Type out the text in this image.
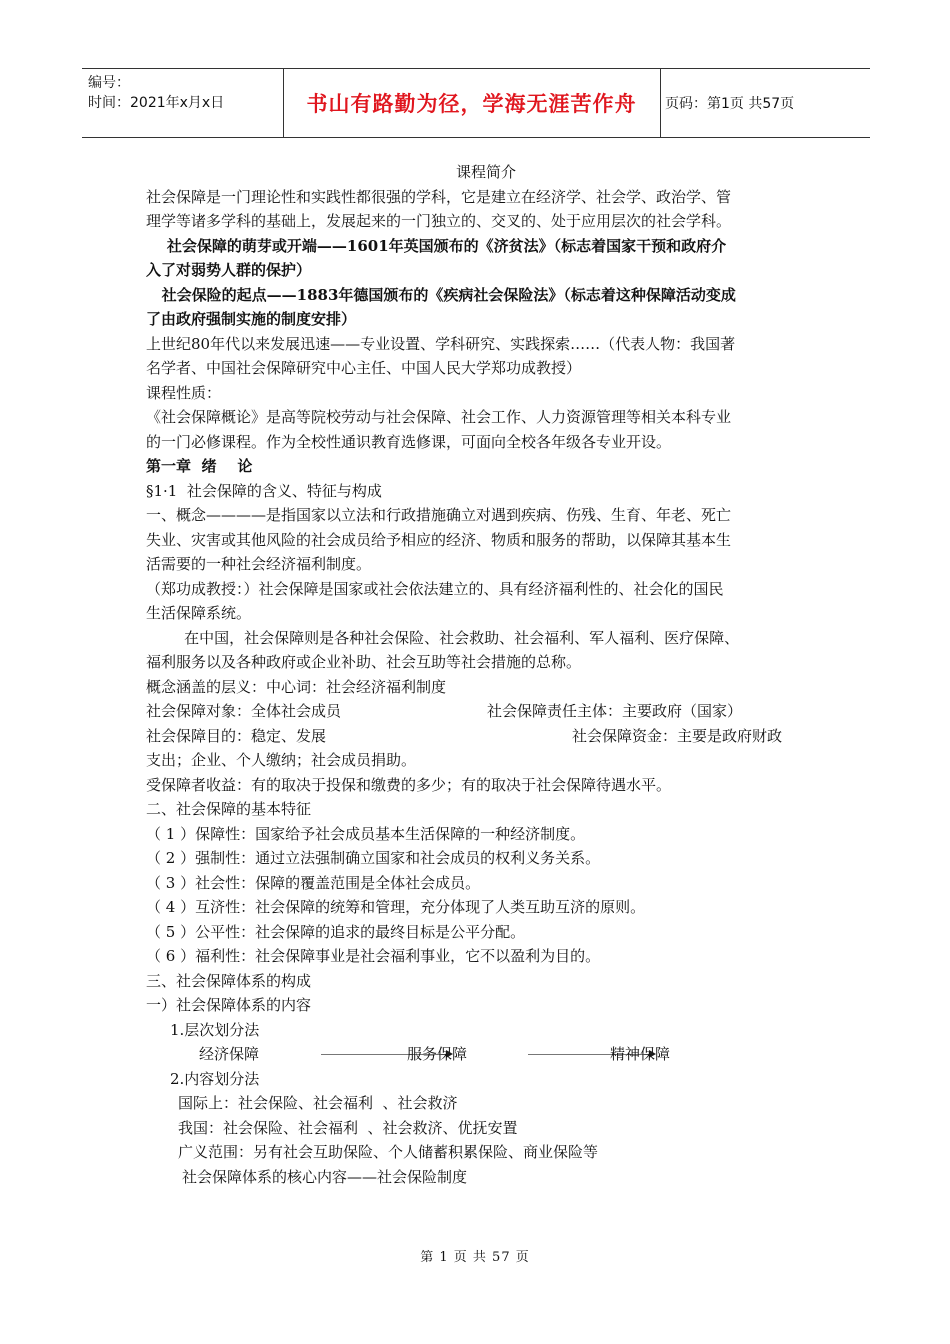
编号：
时间：2021年x月x日	书山有路勤为径，学海无涯苦作舟	页码：第1页 共57页

课程简介

社会保障是一门理论性和实践性都很强的学科，它是建立在经济学、社会学、政治学、管

理学等诸多学科的基础上，发展起来的一门独立的、交叉的、处于应用层次的社会学科。

社会保障的萌芽或开端——1601年英国颁布的《济贫法》（标志着国家干预和政府介

入了对弱势人群的保护）

社会保险的起点——1883年德国颁布的《疾病社会保险法》（标志着这种保障活动变成

了由政府强制实施的制度安排）

上世纪80年代以来发展迅速——专业设置、学科研究、实践探索……（代表人物：我国著

名学者、中国社会保障研究中心主任、中国人民大学郑功成教授）

课程性质：

《社会保障概论》是高等院校劳动与社会保障、社会工作、人力资源管理等相关本科专业

的一门必修课程。作为全校性通识教育选修课，可面向全校各年级各专业开设。

第一章  绪    论

§1·1  社会保障的含义、特征与构成

一、概念————是指国家以立法和行政措施确立对遇到疾病、伤残、生育、年老、死亡

失业、灾害或其他风险的社会成员给予相应的经济、物质和服务的帮助，以保障其基本生

活需要的一种社会经济福利制度。

（郑功成教授：）社会保障是国家或社会依法建立的、具有经济福利性的、社会化的国民

生活保障系统。

在中国，社会保障则是各种社会保险、社会救助、社会福利、军人福利、医疗保障、

福利服务以及各种政府或企业补助、社会互助等社会措施的总称。

概念涵盖的层义：中心词：社会经济福利制度

社会保障对象：全体社会成员	社会保障责任主体：主要政府（国家）
社会保障目的：稳定、发展	社会保障资金：主要是政府财政

支出；企业、个人缴纳；社会成员捐助。

受保障者收益：有的取决于投保和缴费的多少；有的取决于社会保障待遇水平。

二、社会保障的基本特征

（ 1 ）保障性：国家给予社会成员基本生活保障的一种经济制度。

（ 2 ）强制性：通过立法强制确立国家和社会成员的权利义务关系。

（ 3 ）社会性：保障的覆盖范围是全体社会成员。

（ 4 ）互济性：社会保障的统筹和管理，充分体现了人类互助互济的原则。

（ 5 ）公平性：社会保障的追求的最终目标是公平分配。

（ 6 ）福利性：社会保障事业是社会福利事业，它不以盈利为目的。

三、社会保障体系的构成

一）社会保障体系的内容

1.层次划分法

经济保障	服务保障	精神保障

2.内容划分法

国际上：社会保险、社会福利  、社会救济

我国：社会保险、社会福利  、社会救济、优抚安置

广义范围：另有社会互助保险、个人储蓄积累保险、商业保险等

社会保障体系的核心内容——社会保险制度

第 1 页 共 57 页
